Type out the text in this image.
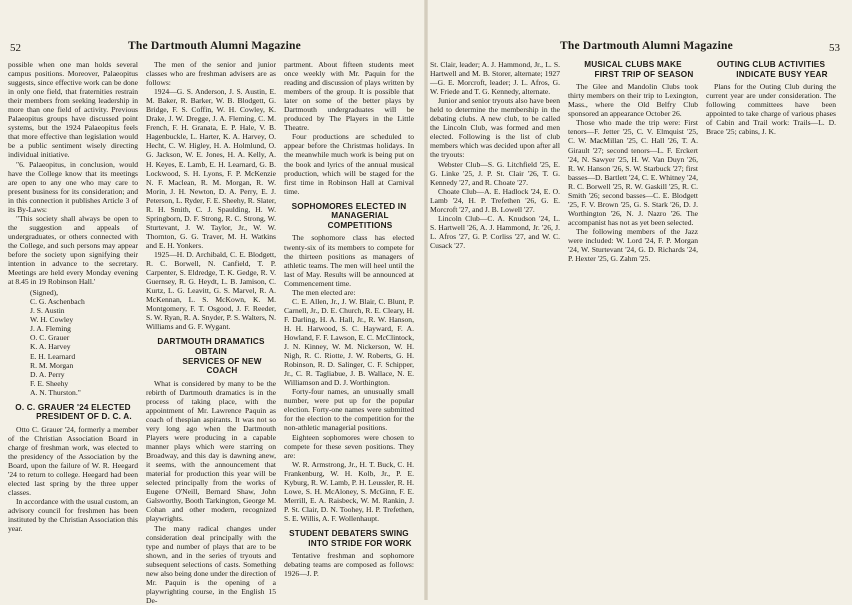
52	The Dartmouth Alumni Magazine

possible when one man holds several campus positions. Moreover, Palaeopitus suggests, since effective work can be done in only one field, that fraternities restrain their members from seeking leadership in more than one field of activity. Previous Palaeopitus groups have discussed point systems, but the 1924 Palaeopitus feels that more effective than legislation would be a public sentiment wisely directing individual initiative.

"6. Palaeopitus, in conclusion, would have the College know that its meetings are open to any one who may care to present business for its consideration; and in this connection it publishes Article 3 of its By-Laws:

"This society shall always be open to the suggestion and appeals of undergraduates, or others connected with the College, and such persons may appear before the society upon signifying their intention in advance to the secretary. Meetings are held every Monday evening at 8.45 in 19 Robinson Hall.'

(Signed),
C. G. Aschenbach
J. S. Austin
W. H. Cowley
J. A. Fleming
O. C. Grauer
K. A. Harvey
E. H. Learnard
R. M. Morgan
D. A. Perry
F. E. Sheehy
A. N. Thurston."
O. C. GRAUER '24 ELECTED
PRESIDENT OF D. C. A.

Otto C. Grauer '24, formerly a member of the Christian Association Board in charge of freshman work, was elected to the presidency of the Association by the Board, upon the failure of W. R. Heegard '24 to return to college. Heegard had been elected last spring by the three upper classes.

In accordance with the usual custom, an advisory council for freshmen has been instituted by the Christian Association this year.

The men of the senior and junior classes who are freshman advisers are as follows:

1924—G. S. Anderson, J. S. Austin, E. M. Baker, R. Barker, W. B. Blodgett, G. Bridge, F. S. Coffin, W. H. Cowley, K. Drake, J. W. Dregge, J. A. Fleming, C. M. French, F. H. Granata, E. P. Hale, V. B. Hagenbuckle, L. Harter, K. A. Harvey, O. Hecht, C. W. Higley, H. A. Holmlund, O. G. Jackson, W. E. Jones, H. A. Kelly, A. H. Keyes, E. Lamb, E. H. Learnard, G. B. Lockwood, S. H. Lyons, F. P. McKenzie N. F. Maclean, R. M. Morgan, R. W. Morin, J. H. Newton, D. A. Perry, E. J. Peterson, L. Ryder, F. E. Sheehy, R. Slater, R. H. Smith, C. J. Spaulding, H. W. Springborn, D. F. Strong, R. C. Strong, W. Sturtevant, J. W. Taylor, Jr., W. W. Thornton, G. G. Traver, M. H. Watkins and E. H. Yonkers.

1925—H. D. Archibald, C. E. Blodgett, R. C. Borwell, N. Canfield, T. P. Carpenter, S. Eldredge, T. K. Gedge, R. V. Guernsey, R. G. Heydt, L. B. Jamison, C. Kurtz, L. G. Leavitt, G. S. Marvel, R. A. McKennan, L. S. McKown, K. M. Montgomery, F. T. Osgood, J. F. Reeder, S. W. Ryan, R. A. Snyder, P. S. Walters, N. Williams and G. F. Wygant.

DARTMOUTH DRAMATICS OBTAIN
SERVICES OF NEW COACH

What is considered by many to be the rebirth of Dartmouth dramatics is in the process of taking place, with the appointment of Mr. Lawrence Paquin as coach of thespian aspirants. It was not so very long ago when the Dartmouth Players were producing in a capable manner plays which were starring on Broadway, and this day is dawning anew, it seems, with the announcement that material for production this year will be selected principally from the works of Eugene O'Neill, Bernard Shaw, John Galsworthy, Booth Tarkington, George M. Cohan and other modern, recognized playwrights.

The many radical changes under consideration deal principally with the type and number of plays that are to be shown, and in the series of tryouts and subsequent selections of casts. Something new also being done under the direction of Mr. Paquin is the opening of a playwrighting course, in the English 15 De-

partment. About fifteen students meet once weekly with Mr. Paquin for the reading and discussion of plays written by members of the group. It is possible that later on some of the better plays by Dartmouth undergraduates will be produced by The Players in the Little Theatre.

Four productions are scheduled to appear before the Christmas holidays. In the meanwhile much work is being put on the book and lyrics of the annual musical production, which will be staged for the first time in Robinson Hall at Carnival time.

SOPHOMORES ELECTED IN
MANAGERIAL COMPETITIONS

The sophomore class has elected twenty-six of its members to compete for the thirteen positions as managers of athletic teams. The men will heel until the last of May. Results will be announced at Commencement time.

The men elected are:

C. E. Allen, Jr., J. W. Blair, C. Blunt, P. Carnell, Jr., D. E. Church, R. E. Cleary, H. F. Darling, H. A. Hall, Jr., R. W. Hanson, H. H. Harwood, S. C. Hayward, F. A. Howland, F. F. Lawson, E. C. McClintock, J. N. Kinney, W. M. Nickerson, W. H. Nigh, R. C. Riotte, J. W. Roberts, G. H. Robinson, R. D. Salinger, C. F. Schipper, Jr., C. R. Tagliabue, J. B. Wallace, N. E. Williamson and D. J. Worthington.

Forty-four names, an unusually small number, were put up for the popular election. Forty-one names were submitted for the election to the competition for the non-athletic managerial positions.

Eighteen sophomores were chosen to compete for these seven positions. They are:

W. R. Armstrong, Jr., H. T. Buck, C. H. Frankenburg, W. H. Kolb, Jr., P. E. Kyburg, R. W. Lamb, P. H. Leussler, R. H. Lowe, S. H. McAloney, S. McGinn, F. E. Merrill, E. A. Raisbeck, W. M. Rankin, J. P. St. Clair, D. N. Toohey, H. P. Trefethen, S. E. Willis, A. F. Wollenhaupt.

STUDENT DEBATERS SWING
INTO STRIDE FOR WORK

Tentative freshman and sophomore debating teams are composed as follows: 1926—J. P.

The Dartmouth Alumni Magazine	53

St. Clair, leader; A. J. Hammond, Jr., L. S. Hartwell and M. B. Storer, alternate; 1927—G. E. Morcroft, leader; J. L. Afros, G. W. Friede and T. G. Kennedy, alternate.

Junior and senior tryouts also have been held to determine the membership in the debating clubs. A new club, to be called the Lincoln Club, was formed and men elected. Following is the list of club members which was decided upon after all the tryouts:

Webster Club—S. G. Litchfield '25, E. G. Linke '25, J. P. St. Clair '26, T. G. Kennedy '27, and R. Choate '27.

Choate Club—A. E. Hadlock '24, E. O. Lamb '24, H. P. Trefethen '26, G. E. Morcroft '27, and J. B. Lowell '27.

Lincoln Club—C. A. Knudson '24, L. S. Hartwell '26, A. J. Hammond, Jr. '26, J. L. Afros '27, G. P. Corliss '27, and W. C. Cusack '27.

MUSICAL CLUBS MAKE
FIRST TRIP OF SEASON

The Glee and Mandolin Clubs took thirty members on their trip to Lexington, Mass., where the Old Belfry Club sponsored an appearance October 26.

Those who made the trip were: First tenors—F. Jetter '25, C. V. Elmquist '25, C. W. MacMillan '25, C. Hall '26, T. A. Girault '27; second tenors—L. F. Erckert '24, N. Sawyer '25, H. W. Van Duyn '26, R. W. Hanson '26, S. W. Starbuck '27; first basses—D. Bartlett '24, C. E. Whitney '24, R. C. Borwell '25, R. W. Gaskill '25, R. C. Smith '26; second basses—C. E. Blodgett '25, F. V. Brown '25, G. S. Stark '26, D. J. Worthington '26, N. J. Nazro '26. The accompanist has not as yet been selected.

The following members of the Jazz were included: W. Lord '24, F. P. Morgan '24, W. Sturtevant '24, G. D. Richards '24, P. Hexter '25, G. Zahm '25.

OUTING CLUB ACTIVITIES
INDICATE BUSY YEAR

Plans for the Outing Club during the current year are under consideration. The following committees have been appointed to take charge of various phases of Cabin and Trail work: Trails—L. D. Brace '25; cabins, J. K.
